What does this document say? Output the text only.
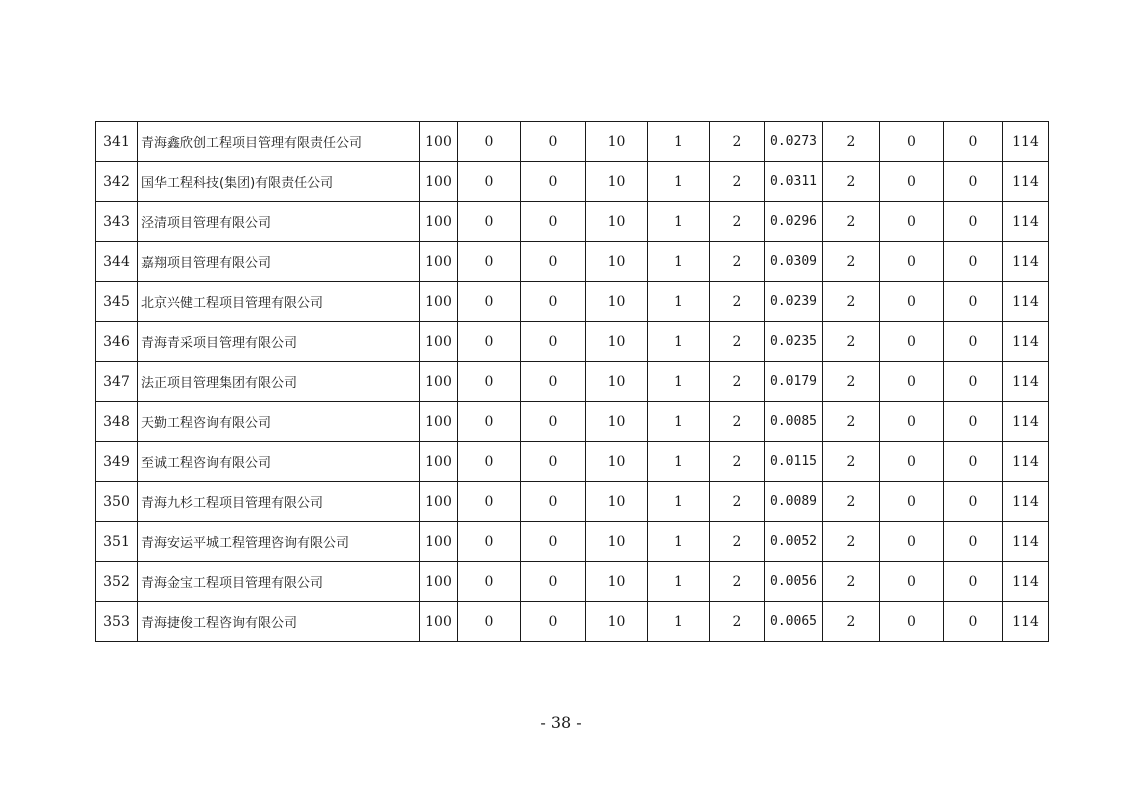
341	青海鑫欣创工程项目管理有限责任公司	100	0	0	10	1	2	0.0273	2	0	0	114
342	国华工程科技(集团)有限责任公司	100	0	0	10	1	2	0.0311	2	0	0	114
343	泾清项目管理有限公司	100	0	0	10	1	2	0.0296	2	0	0	114
344	嘉翔项目管理有限公司	100	0	0	10	1	2	0.0309	2	0	0	114
345	北京兴健工程项目管理有限公司	100	0	0	10	1	2	0.0239	2	0	0	114
346	青海青采项目管理有限公司	100	0	0	10	1	2	0.0235	2	0	0	114
347	法正项目管理集团有限公司	100	0	0	10	1	2	0.0179	2	0	0	114
348	天勤工程咨询有限公司	100	0	0	10	1	2	0.0085	2	0	0	114
349	至诚工程咨询有限公司	100	0	0	10	1	2	0.0115	2	0	0	114
350	青海九杉工程项目管理有限公司	100	0	0	10	1	2	0.0089	2	0	0	114
351	青海安运平城工程管理咨询有限公司	100	0	0	10	1	2	0.0052	2	0	0	114
352	青海金宝工程项目管理有限公司	100	0	0	10	1	2	0.0056	2	0	0	114
353	青海捷俊工程咨询有限公司	100	0	0	10	1	2	0.0065	2	0	0	114
- 38 -
